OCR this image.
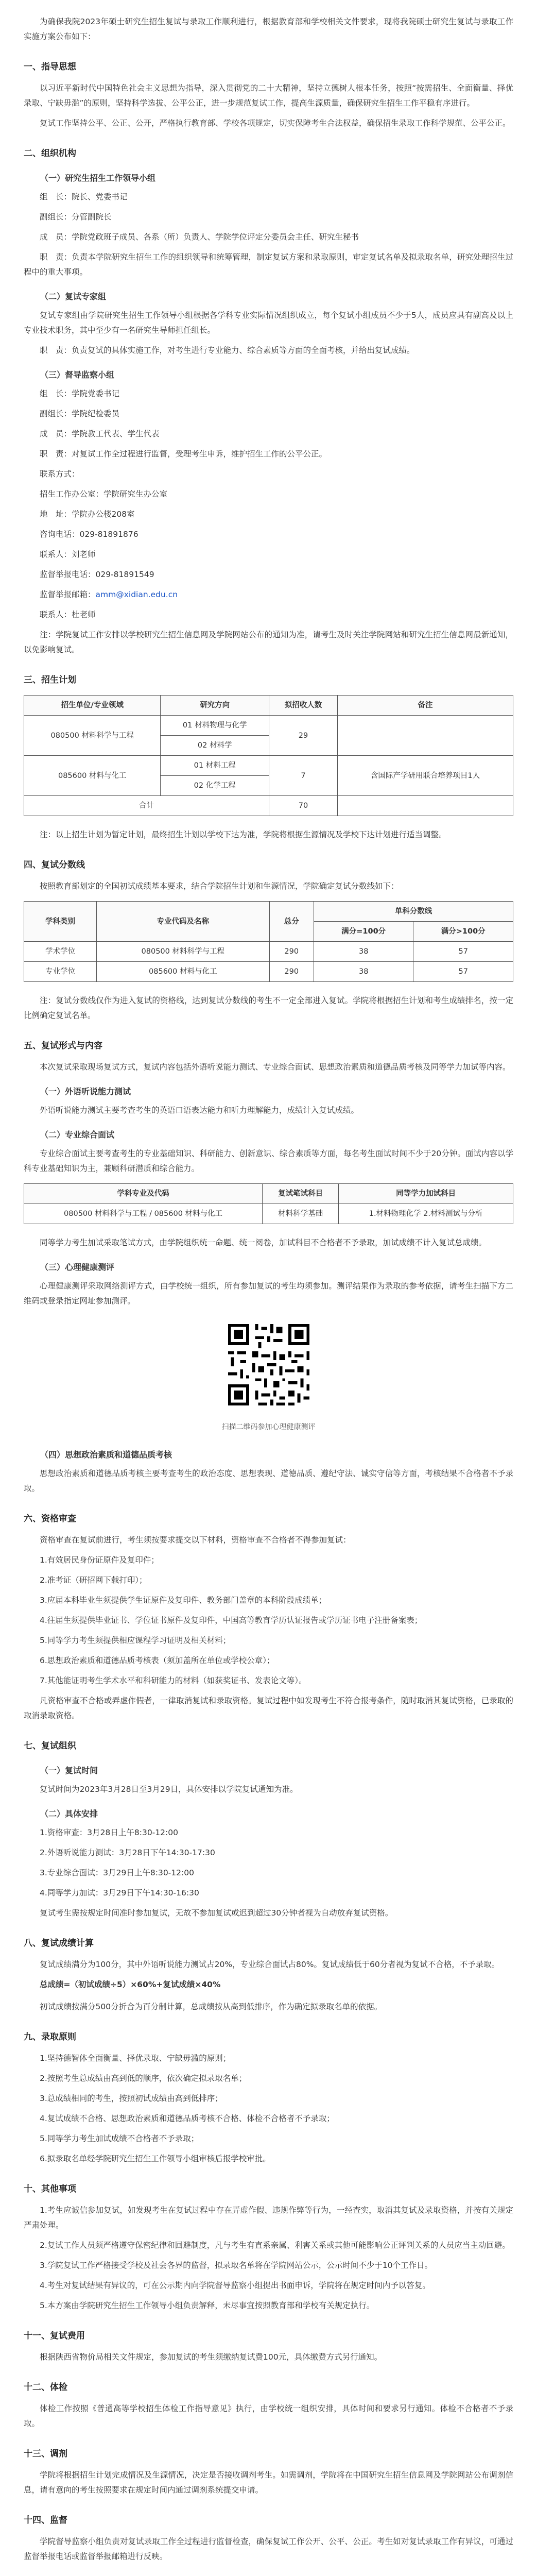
为确保我院2023年硕士研究生招生复试与录取工作顺利进行，根据教育部和学校相关文件要求，现将我院硕士研究生复试与录取工作实施方案公布如下：

一、指导思想

以习近平新时代中国特色社会主义思想为指导，深入贯彻党的二十大精神，坚持立德树人根本任务，按照“按需招生、全面衡量、择优录取、宁缺毋滥”的原则，坚持科学选拔、公平公正，进一步规范复试工作，提高生源质量，确保研究生招生工作平稳有序进行。

复试工作坚持公平、公正、公开，严格执行教育部、学校各项规定，切实保障考生合法权益，确保招生录取工作科学规范、公平公正。

二、组织机构
（一）研究生招生工作领导小组

组　长：院长、党委书记

副组长：分管副院长

成　员：学院党政班子成员、各系（所）负责人、学院学位评定分委员会主任、研究生秘书

职　责：负责本学院研究生招生工作的组织领导和统筹管理，制定复试方案和录取原则，审定复试名单及拟录取名单，研究处理招生过程中的重大事项。

（二）复试专家组

复试专家组由学院研究生招生工作领导小组根据各学科专业实际情况组织成立，每个复试小组成员不少于5人，成员应具有副高及以上专业技术职务，其中至少有一名研究生导师担任组长。

职　责：负责复试的具体实施工作，对考生进行专业能力、综合素质等方面的全面考核，并给出复试成绩。

（三）督导监察小组

组　长：学院党委书记

副组长：学院纪检委员

成　员：学院教工代表、学生代表

职　责：对复试工作全过程进行监督，受理考生申诉，维护招生工作的公平公正。

联系方式：

招生工作办公室：学院研究生办公室

地　址：学院办公楼208室

咨询电话：029-81891876

联系人：刘老师

监督举报电话：029-81891549

监督举报邮箱：amm@xidian.edu.cn

联系人：杜老师

注：学院复试工作安排以学校研究生招生信息网及学院网站公布的通知为准，请考生及时关注学院网站和研究生招生信息网最新通知，以免影响复试。

三、招生计划
招生单位/专业领域	研究方向	拟招收人数	备注
080500 材料科学与工程	01 材料物理与化学	29	
	02 材料学		
085600 材料与化工	01 材料工程	7	含国际产学研用联合培养项目1人
	02 化学工程		
合计		70	

注：以上招生计划为暂定计划，最终招生计划以学校下达为准，学院将根据生源情况及学校下达计划进行适当调整。

四、复试分数线

按照教育部划定的全国初试成绩基本要求，结合学院招生计划和生源情况，学院确定复试分数线如下：

学科类别	专业代码及名称	总分	单科分数线	
			满分=100分	满分>100分
学术学位	080500 材料科学与工程	290	38	57
专业学位	085600 材料与化工	290	38	57

注：复试分数线仅作为进入复试的资格线，达到复试分数线的考生不一定全部进入复试。学院将根据招生计划和考生成绩排名，按一定比例确定复试名单。

五、复试形式与内容

本次复试采取现场复试方式，复试内容包括外语听说能力测试、专业综合面试、思想政治素质和道德品质考核及同等学力加试等内容。

（一）外语听说能力测试

外语听说能力测试主要考查考生的英语口语表达能力和听力理解能力，成绩计入复试成绩。

（二）专业综合面试

专业综合面试主要考查考生的专业基础知识、科研能力、创新意识、综合素质等方面，每名考生面试时间不少于20分钟。面试内容以学科专业基础知识为主，兼顾科研潜质和综合能力。

学科专业及代码	复试笔试科目	同等学力加试科目
080500 材料科学与工程 / 085600 材料与化工	材料科学基础	1.材料物理化学 2.材料测试与分析

同等学力考生加试采取笔试方式，由学院组织统一命题、统一阅卷，加试科目不合格者不予录取，加试成绩不计入复试总成绩。

（三）心理健康测评

心理健康测评采取网络测评方式，由学校统一组织，所有参加复试的考生均须参加。测评结果作为录取的参考依据，请考生扫描下方二维码或登录指定网址参加测评。

扫描二维码参加心理健康测评

（四）思想政治素质和道德品质考核

思想政治素质和道德品质考核主要考查考生的政治态度、思想表现、道德品质、遵纪守法、诚实守信等方面，考核结果不合格者不予录取。

六、资格审查

资格审查在复试前进行，考生须按要求提交以下材料，资格审查不合格者不得参加复试：

1.有效居民身份证原件及复印件；

2.准考证（研招网下载打印）；

3.应届本科毕业生须提供学生证原件及复印件、教务部门盖章的本科阶段成绩单；

4.往届生须提供毕业证书、学位证书原件及复印件，中国高等教育学历认证报告或学历证书电子注册备案表；

5.同等学力考生须提供相应课程学习证明及相关材料；

6.思想政治素质和道德品质考核表（须加盖所在单位或学校公章）；

7.其他能证明考生学术水平和科研能力的材料（如获奖证书、发表论文等）。

凡资格审查不合格或弄虚作假者，一律取消复试和录取资格。复试过程中如发现考生不符合报考条件，随时取消其复试资格，已录取的取消录取资格。

七、复试组织
（一）复试时间

复试时间为2023年3月28日至3月29日，具体安排以学院复试通知为准。

（二）具体安排

1.资格审查：3月28日上午8:30-12:00

2.外语听说能力测试：3月28日下午14:30-17:30

3.专业综合面试：3月29日上午8:30-12:00

4.同等学力加试：3月29日下午14:30-16:30

复试考生需按规定时间准时参加复试，无故不参加复试或迟到超过30分钟者视为自动放弃复试资格。

八、复试成绩计算

复试成绩满分为100分，其中外语听说能力测试占20%，专业综合面试占80%。复试成绩低于60分者视为复试不合格，不予录取。

总成绩=（初试成绩÷5）×60%+复试成绩×40%

初试成绩按满分500分折合为百分制计算，总成绩按从高到低排序，作为确定拟录取名单的依据。

九、录取原则

1.坚持德智体全面衡量、择优录取、宁缺毋滥的原则；

2.按照考生总成绩由高到低的顺序，依次确定拟录取名单；

3.总成绩相同的考生，按照初试成绩由高到低排序；

4.复试成绩不合格、思想政治素质和道德品质考核不合格、体检不合格者不予录取；

5.同等学力考生加试成绩不合格者不予录取；

6.拟录取名单经学院研究生招生工作领导小组审核后报学校审批。

十、其他事项

1.考生应诚信参加复试，如发现考生在复试过程中存在弄虚作假、违规作弊等行为，一经查实，取消其复试及录取资格，并按有关规定严肃处理。

2.复试工作人员须严格遵守保密纪律和回避制度，凡与考生有直系亲属、利害关系或其他可能影响公正评判关系的人员应当主动回避。

3.学院复试工作严格接受学校及社会各界的监督，拟录取名单将在学院网站公示，公示时间不少于10个工作日。

4.考生对复试结果有异议的，可在公示期内向学院督导监察小组提出书面申诉，学院将在规定时间内予以答复。

5.本方案由学院研究生招生工作领导小组负责解释，未尽事宜按照教育部和学校有关规定执行。

十一、复试费用

根据陕西省物价局相关文件规定，参加复试的考生须缴纳复试费100元，具体缴费方式另行通知。

十二、体检

体检工作按照《普通高等学校招生体检工作指导意见》执行，由学校统一组织安排，具体时间和要求另行通知。体检不合格者不予录取。

十三、调剂

学院将根据招生计划完成情况及生源情况，决定是否接收调剂考生。如需调剂，学院将在中国研究生招生信息网及学院网站公布调剂信息，请有意向的考生按照要求在规定时间内通过调剂系统提交申请。

十四、监督

学院督导监察小组负责对复试录取工作全过程进行监督检查，确保复试工作公开、公平、公正。考生如对复试录取工作有异议，可通过监督举报电话或监督举报邮箱进行反映。
